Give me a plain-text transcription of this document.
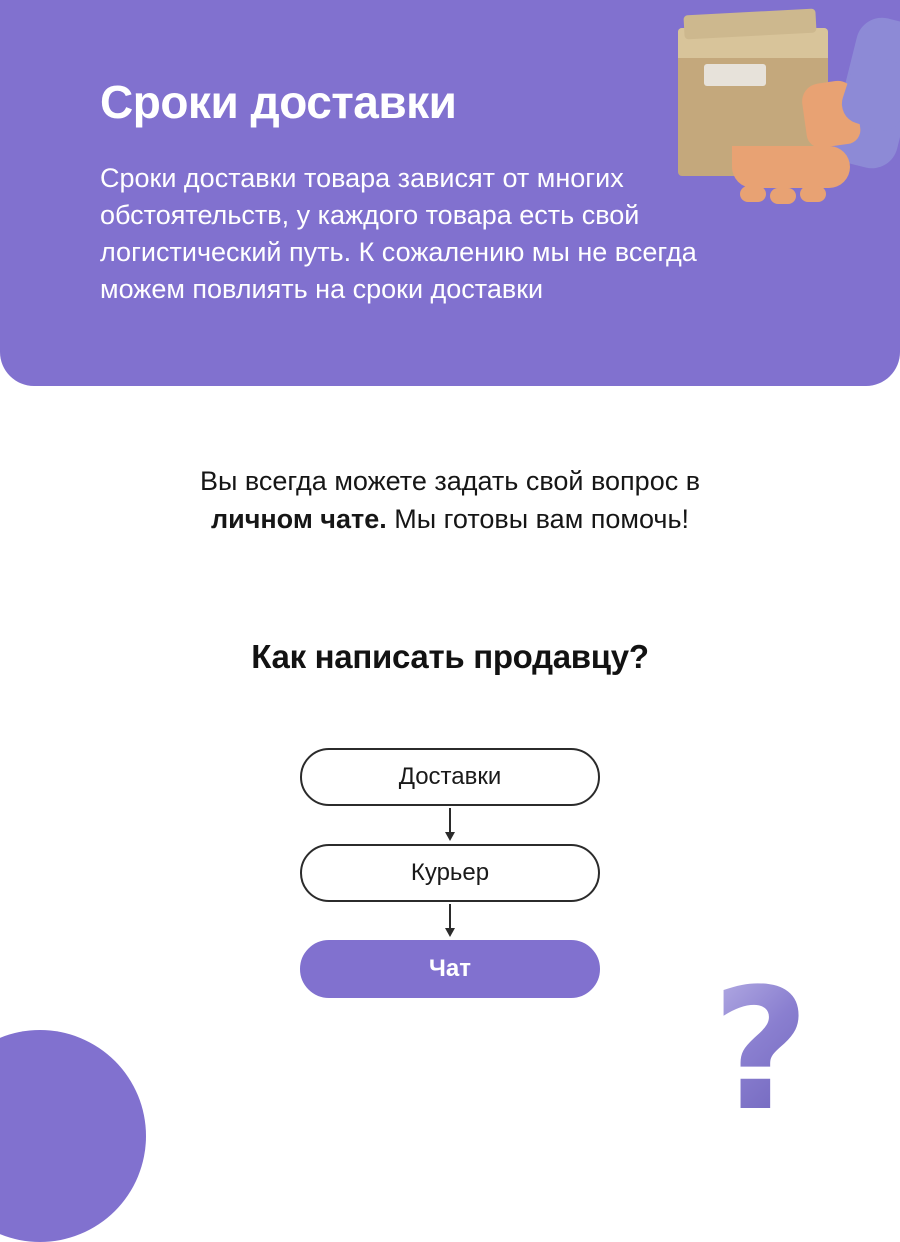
Сроки доставки
Сроки доставки товара зависят от многих обстоятельств, у каждого товара есть свой логистический путь. К сожалению мы не всегда можем повлиять на сроки доставки
Вы всегда можете задать свой вопрос в
личном чате. Мы готовы вам помочь!
Как написать продавцу?
Доставки
Курьер
Чат ?
